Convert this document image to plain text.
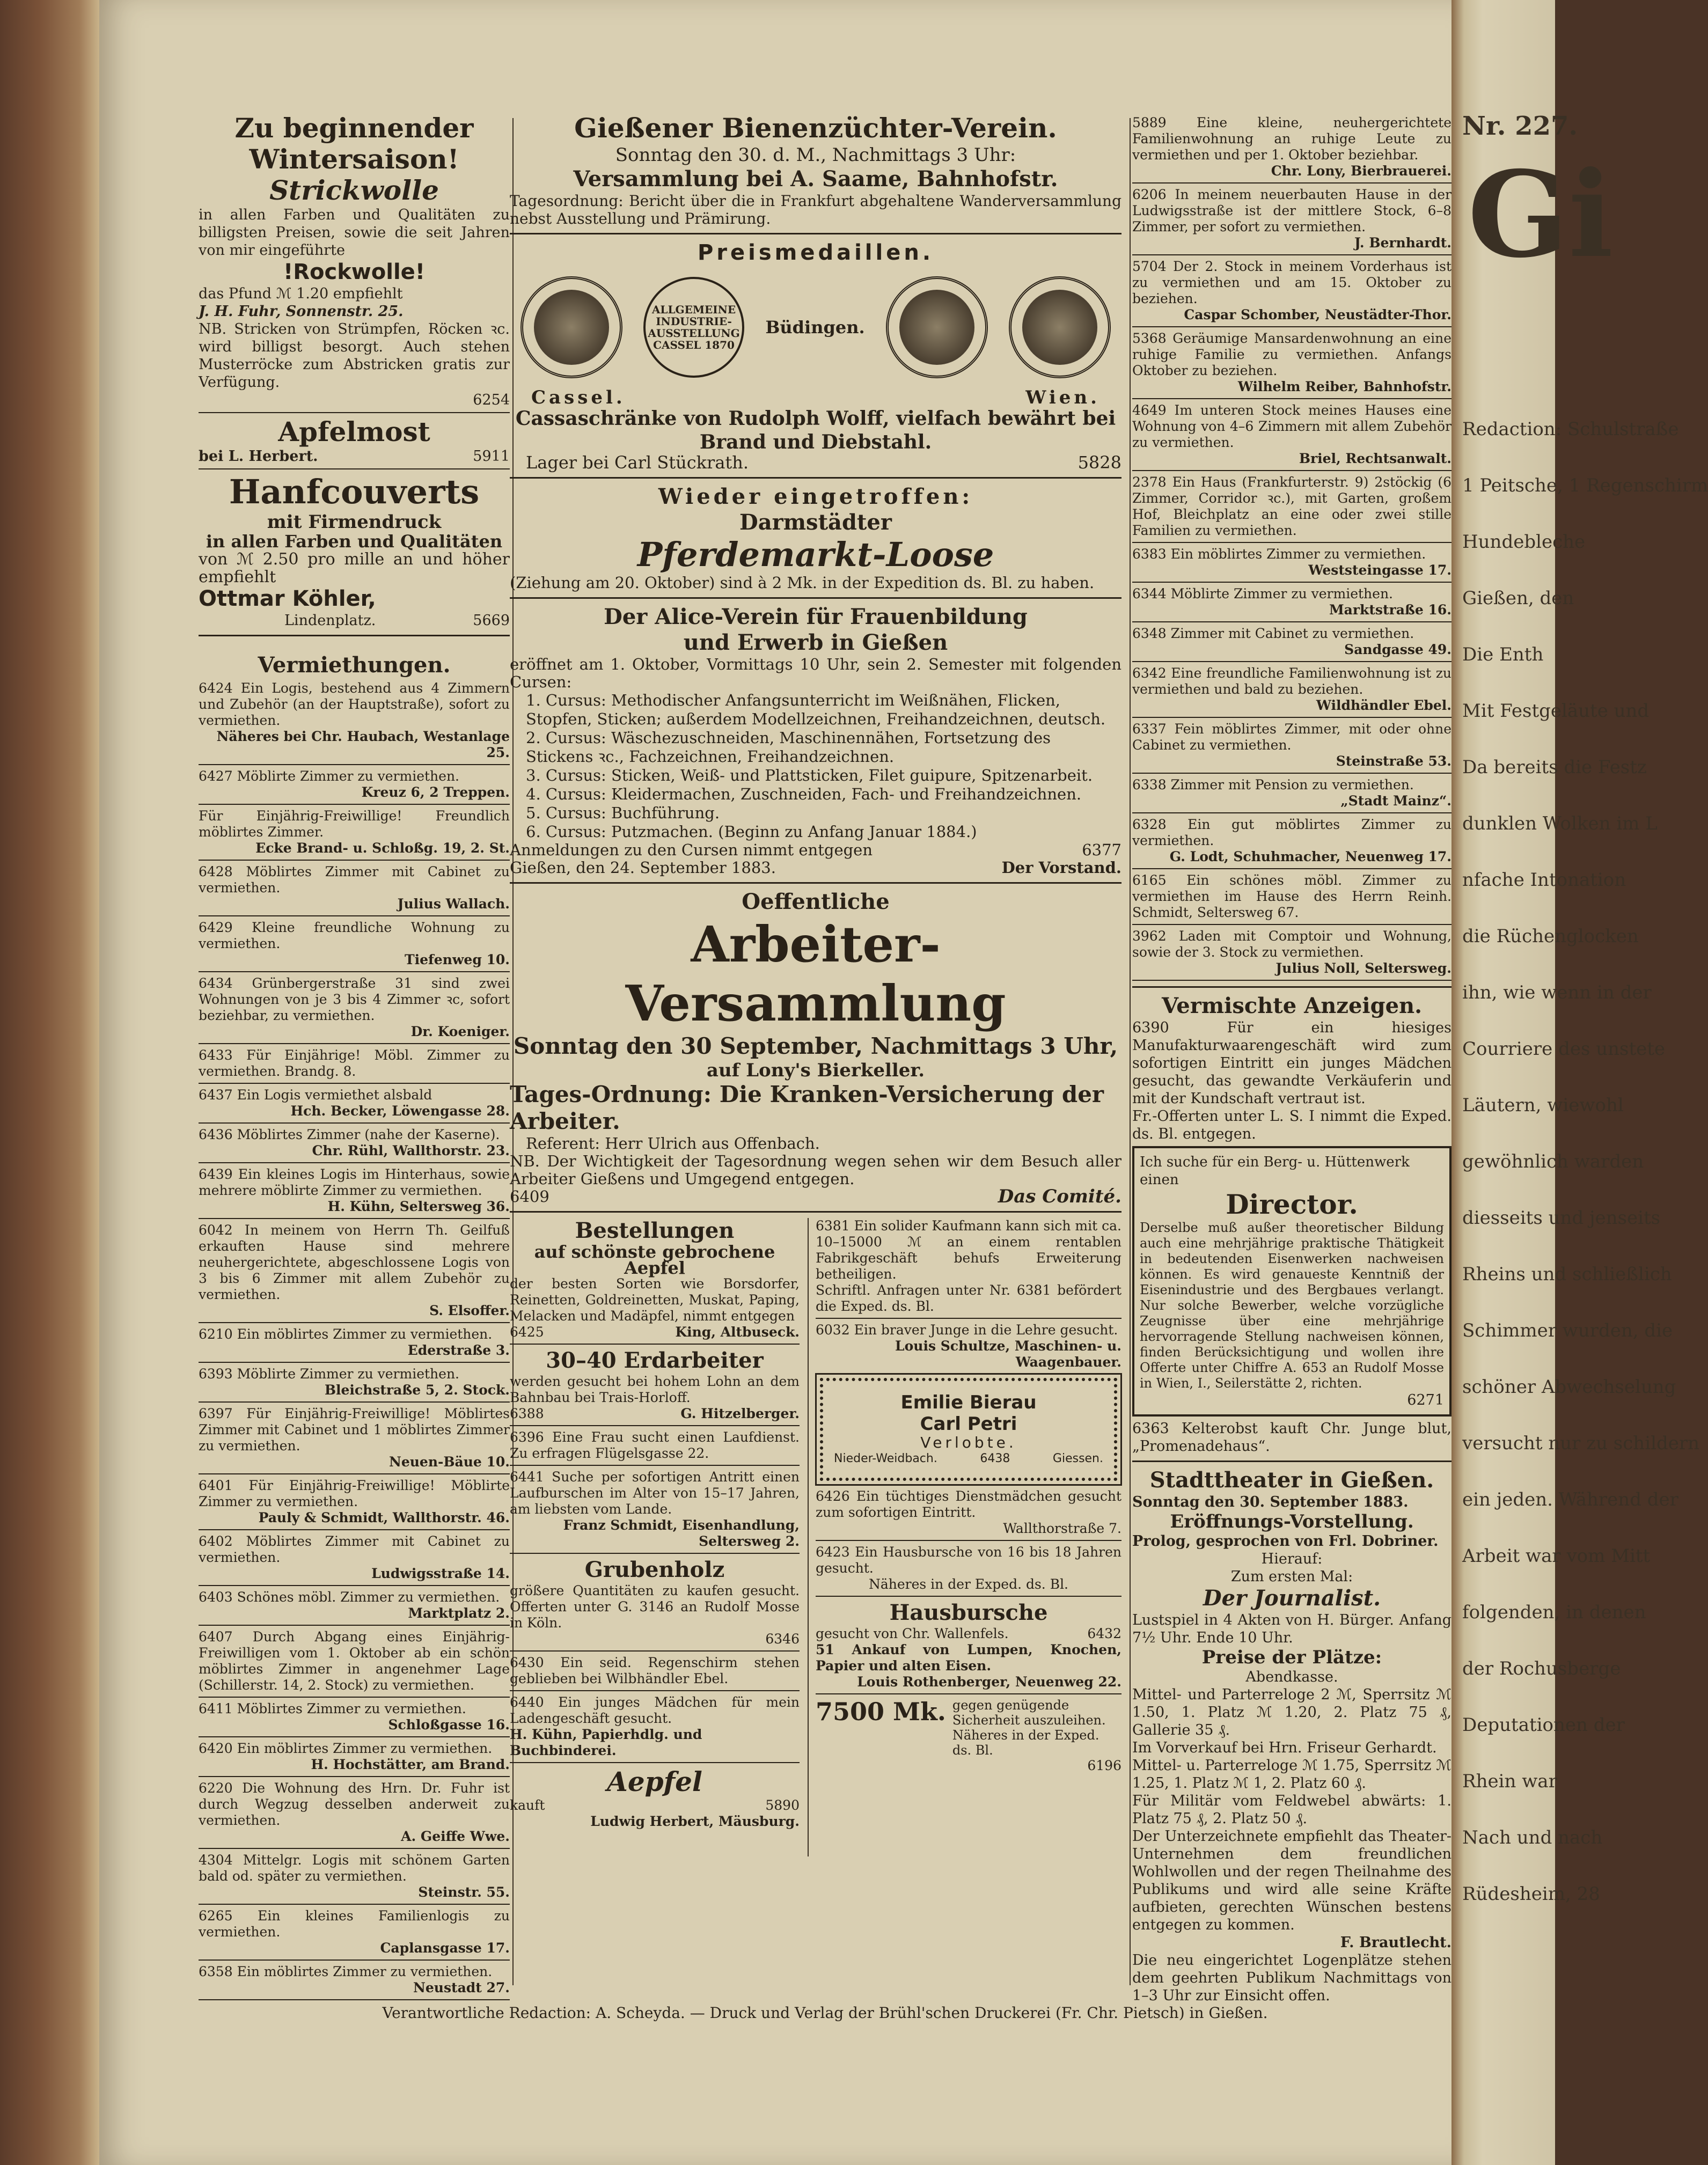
Zu beginnender
Wintersaison!
Strickwolle
in allen Farben und Qualitäten zu billigsten Preisen, sowie die seit Jahren von mir eingeführte
!Rockwolle!
das Pfund ℳ 1.20 empfiehlt
J. H. Fuhr, Sonnenstr. 25.
NB. Stricken von Strümpfen, Röcken ꝛc. wird billigst besorgt. Auch stehen Musterröcke zum Abstricken gratis zur Verfügung.
6254
Apfelmost
bei L. Herbert.	5911
Hanfcouverts
mit Firmendruck
in allen Farben und Qualitäten
von ℳ 2.50 pro mille an und höher empfiehlt
Ottmar Köhler,
Lindenplatz.	5669
Vermiethungen.
6424 Ein Logis, bestehend aus 4 Zimmern und Zubehör (an der Hauptstraße), sofort zu vermiethen.
Näheres bei Chr. Haubach, Westanlage 25.
6427 Möblirte Zimmer zu vermiethen.
Kreuz 6, 2 Treppen.
Für Einjährig-Freiwillige! Freundlich möblirtes Zimmer.
Ecke Brand- u. Schloßg. 19, 2. St.
6428 Möblirtes Zimmer mit Cabinet zu vermiethen.
Julius Wallach.
6429 Kleine freundliche Wohnung zu vermiethen.
Tiefenweg 10.
6434 Grünbergerstraße 31 sind zwei Wohnungen von je 3 bis 4 Zimmer ꝛc, sofort beziehbar, zu vermiethen.
Dr. Koeniger.
6433 Für Einjährige! Möbl. Zimmer zu vermiethen. Brandg. 8.
6437 Ein Logis vermiethet alsbald
Hch. Becker, Löwengasse 28.
6436 Möblirtes Zimmer (nahe der Kaserne).
Chr. Rühl, Wallthorstr. 23.
6439 Ein kleines Logis im Hinterhaus, sowie mehrere möblirte Zimmer zu vermiethen.
H. Kühn, Seltersweg 36.
6042 In meinem von Herrn Th. Geilfuß erkauften Hause sind mehrere neuhergerichtete, abgeschlossene Logis von 3 bis 6 Zimmer mit allem Zubehör zu vermiethen.
S. Elsoffer.
6210 Ein möblirtes Zimmer zu vermiethen.
Ederstraße 3.
6393 Möblirte Zimmer zu vermiethen.
Bleichstraße 5, 2. Stock.
6397 Für Einjährig-Freiwillige! Möblirtes Zimmer mit Cabinet und 1 möblirtes Zimmer zu vermiethen.
Neuen-Bäue 10.
6401 Für Einjährig-Freiwillige! Möblirte Zimmer zu vermiethen.
Pauly & Schmidt, Wallthorstr. 46.
6402 Möblirtes Zimmer mit Cabinet zu vermiethen.
Ludwigsstraße 14.
6403 Schönes möbl. Zimmer zu vermiethen.
Marktplatz 2.
6407 Durch Abgang eines Einjährig-Freiwilligen vom 1. Oktober ab ein schön möblirtes Zimmer in angenehmer Lage (Schillerstr. 14, 2. Stock) zu vermiethen.
6411 Möblirtes Zimmer zu vermiethen.
Schloßgasse 16.
6420 Ein möblirtes Zimmer zu vermiethen.
H. Hochstätter, am Brand.
6220 Die Wohnung des Hrn. Dr. Fuhr ist durch Wegzug desselben anderweit zu vermiethen.
A. Geiffe Wwe.
4304 Mittelgr. Logis mit schönem Garten bald od. später zu vermiethen.
Steinstr. 55.
6265 Ein kleines Familienlogis zu vermiethen.
Caplansgasse 17.
6358 Ein möblirtes Zimmer zu vermiethen.
Neustadt 27.
Gießener Bienenzüchter-Verein.
Sonntag den 30. d. M., Nachmittags 3 Uhr:
Versammlung bei A. Saame, Bahnhofstr.
Tagesordnung: Bericht über die in Frankfurt abgehaltene Wanderversammlung nebst Ausstellung und Prämirung.
Preismedaillen.
ALLGEMEINE INDUSTRIE-AUSSTELLUNG CASSEL 1870
Büdingen.
Cassel.	Wien.
Cassaschränke von Rudolph Wolff, vielfach bewährt bei Brand und Diebstahl.
Lager bei Carl Stückrath.	5828
Wieder eingetroffen:
Darmstädter
Pferdemarkt-Loose
(Ziehung am 20. Oktober) sind à 2 Mk. in der Expedition ds. Bl. zu haben.
Der Alice-Verein für Frauenbildung
und Erwerb in Gießen
eröffnet am 1. Oktober, Vormittags 10 Uhr, sein 2. Semester mit folgenden Cursen:
1. Cursus: Methodischer Anfangsunterricht im Weißnähen, Flicken, Stopfen, Sticken; außerdem Modellzeichnen, Freihandzeichnen, deutsch.
2. Cursus: Wäschezuschneiden, Maschinennähen, Fortsetzung des Stickens ꝛc., Fachzeichnen, Freihandzeichnen.
3. Cursus: Sticken, Weiß- und Plattsticken, Filet guipure, Spitzenarbeit.
4. Cursus: Kleidermachen, Zuschneiden, Fach- und Freihandzeichnen.
5. Cursus: Buchführung.
6. Cursus: Putzmachen. (Beginn zu Anfang Januar 1884.)
Anmeldungen zu den Cursen nimmt entgegen	6377
Gießen, den 24. September 1883.	Der Vorstand.
Oeffentliche
Arbeiter-Versammlung
Sonntag den 30 September, Nachmittags 3 Uhr,
auf Lony's Bierkeller.
Tages-Ordnung: Die Kranken-Versicherung der Arbeiter.
Referent: Herr Ulrich aus Offenbach.
NB. Der Wichtigkeit der Tagesordnung wegen sehen wir dem Besuch aller Arbeiter Gießens und Umgegend entgegen.
6409	Das Comité.
Bestellungen
auf schönste gebrochene Aepfel
der besten Sorten wie Borsdorfer, Reinetten, Goldreinetten, Muskat, Paping, Melacken und Madäpfel, nimmt entgegen
6425	King, Altbuseck.
30–40 Erdarbeiter
werden gesucht bei hohem Lohn an dem Bahnbau bei Trais-Horloff.
6388	G. Hitzelberger.
6396 Eine Frau sucht einen Laufdienst. Zu erfragen Flügelsgasse 22.
6441 Suche per sofortigen Antritt einen Laufburschen im Alter von 15–17 Jahren, am liebsten vom Lande.
Franz Schmidt, Eisenhandlung, Seltersweg 2.
Grubenholz
größere Quantitäten zu kaufen gesucht. Offerten unter G. 3146 an Rudolf Mosse in Köln.
6346
6430 Ein seid. Regenschirm stehen geblieben bei Wilbhändler Ebel.
6440 Ein junges Mädchen für mein Ladengeschäft gesucht.
H. Kühn, Papierhdlg. und Buchbinderei.
Aepfel
kauft	5890
Ludwig Herbert, Mäusburg.
6381 Ein solider Kaufmann kann sich mit ca. 10–15000 ℳ an einem rentablen Fabrikgeschäft behufs Erweiterung betheiligen.
Schriftl. Anfragen unter Nr. 6381 befördert die Exped. ds. Bl.
6032 Ein braver Junge in die Lehre gesucht.
Louis Schultze, Maschinen- u. Waagenbauer.
Emilie Bierau
Carl Petri
Verlobte.
Nieder-Weidbach.	6438	Giessen.
6426 Ein tüchtiges Dienstmädchen gesucht zum sofortigen Eintritt.
Wallthorstraße 7.
6423 Ein Hausbursche von 16 bis 18 Jahren gesucht.
Näheres in der Exped. ds. Bl.
Hausbursche
gesucht von Chr. Wallenfels.	6432
51 Ankauf von Lumpen, Knochen, Papier und alten Eisen.
Louis Rothenberger, Neuenweg 22.
7500 Mk. gegen genügende Sicherheit auszuleihen. Näheres in der Exped. ds. Bl.
6196
5889 Eine kleine, neuhergerichtete Familienwohnung an ruhige Leute zu vermiethen und per 1. Oktober beziehbar.
Chr. Lony, Bierbrauerei.
6206 In meinem neuerbauten Hause in der Ludwigsstraße ist der mittlere Stock, 6–8 Zimmer, per sofort zu vermiethen.
J. Bernhardt.
5704 Der 2. Stock in meinem Vorderhaus ist zu vermiethen und am 15. Oktober zu beziehen.
Caspar Schomber, Neustädter-Thor.
5368 Geräumige Mansardenwohnung an eine ruhige Familie zu vermiethen. Anfangs Oktober zu beziehen.
Wilhelm Reiber, Bahnhofstr.
4649 Im unteren Stock meines Hauses eine Wohnung von 4–6 Zimmern mit allem Zubehör zu vermiethen.
Briel, Rechtsanwalt.
2378 Ein Haus (Frankfurterstr. 9) 2stöckig (6 Zimmer, Corridor ꝛc.), mit Garten, großem Hof, Bleichplatz an eine oder zwei stille Familien zu vermiethen.
6383 Ein möblirtes Zimmer zu vermiethen.
Weststeingasse 17.
6344 Möblirte Zimmer zu vermiethen.
Marktstraße 16.
6348 Zimmer mit Cabinet zu vermiethen.
Sandgasse 49.
6342 Eine freundliche Familienwohnung ist zu vermiethen und bald zu beziehen.
Wildhändler Ebel.
6337 Fein möblirtes Zimmer, mit oder ohne Cabinet zu vermiethen.
Steinstraße 53.
6338 Zimmer mit Pension zu vermiethen.
„Stadt Mainz“.
6328 Ein gut möblirtes Zimmer zu vermiethen.
G. Lodt, Schuhmacher, Neuenweg 17.
6165 Ein schönes möbl. Zimmer zu vermiethen im Hause des Herrn Reinh. Schmidt, Seltersweg 67.
3962 Laden mit Comptoir und Wohnung, sowie der 3. Stock zu vermiethen.
Julius Noll, Seltersweg.
Vermischte Anzeigen.
6390 Für ein hiesiges Manufakturwaarengeschäft wird zum sofortigen Eintritt ein junges Mädchen gesucht, das gewandte Verkäuferin und mit der Kundschaft vertraut ist.
Fr.-Offerten unter L. S. I nimmt die Exped. ds. Bl. entgegen.
Ich suche für ein Berg- u. Hüttenwerk einen
Director.
Derselbe muß außer theoretischer Bildung auch eine mehrjährige praktische Thätigkeit in bedeutenden Eisenwerken nachweisen können. Es wird genaueste Kenntniß der Eisenindustrie und des Bergbaues verlangt. Nur solche Bewerber, welche vorzügliche Zeugnisse über eine mehrjährige hervorragende Stellung nachweisen können, finden Berücksichtigung und wollen ihre Offerte unter Chiffre A. 653 an Rudolf Mosse in Wien, I., Seilerstätte 2, richten.
6271
6363 Kelterobst kauft Chr. Junge blut, „Promenadehaus“.
Stadttheater in Gießen.
Sonntag den 30. September 1883.
Eröffnungs-Vorstellung.
Prolog, gesprochen von Frl. Dobriner.
Hierauf:
Zum ersten Mal:
Der Journalist.
Lustspiel in 4 Akten von H. Bürger. Anfang 7½ Uhr. Ende 10 Uhr.
Preise der Plätze:
Abendkasse.
Mittel- und Parterreloge 2 ℳ, Sperrsitz ℳ 1.50, 1. Platz ℳ 1.20, 2. Platz 75 ₰, Gallerie 35 ₰.
Im Vorverkauf bei Hrn. Friseur Gerhardt.
Mittel- u. Parterreloge ℳ 1.75, Sperrsitz ℳ 1.25, 1. Platz ℳ 1, 2. Platz 60 ₰.
Für Militär vom Feldwebel abwärts: 1. Platz 75 ₰, 2. Platz 50 ₰.
Der Unterzeichnete empfiehlt das Theater-Unternehmen dem freundlichen Wohlwollen und der regen Theilnahme des Publikums und wird alle seine Kräfte aufbieten, gerechten Wünschen bestens entgegen zu kommen.
F. Brautlecht.
Die neu eingerichtet Logenplätze stehen dem geehrten Publikum Nachmittags von 1–3 Uhr zur Einsicht offen.
Verantwortliche Redaction: A. Scheyda. — Druck und Verlag der Brühl'schen Druckerei (Fr. Chr. Pietsch) in Gießen.
Nr. 227.
Gi
Redaction: Schulstraße
1 Peitsche, 1 Regenschirm
Hundebleche
Gießen, den
Die Enth
Mit Festgeläute und
Da bereits die Festz
dunklen Wolken im L
nfache Intonation
die Rüchenglocken
ihn, wie wenn in der
Courriere des unstete
Läutern, wiewohl
gewöhnlich warden
diesseits und jenseits
Rheins und schließlich
Schimmer wurden, die
schöner Abwechselung
versucht nur zu schildern
ein jeden. Während der
Arbeit war vom Mitt
folgenden, in denen
der Rochusberge
Deputationen der
Rhein war
Nach und nach
Rüdesheim, 28
